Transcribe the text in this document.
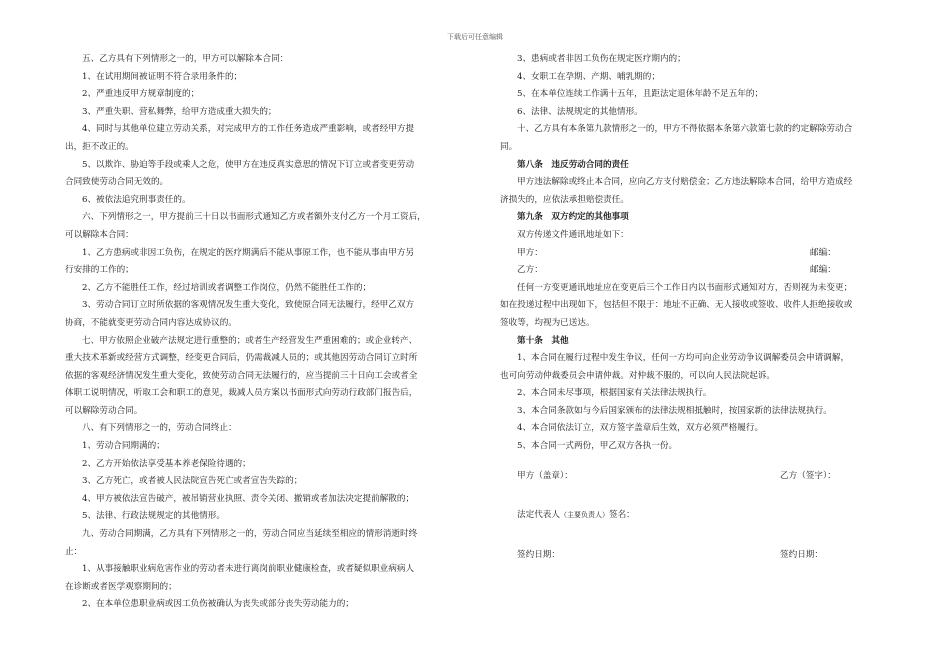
下载后可任意编辑

五、乙方具有下列情形之一的，甲方可以解除本合同：

1、在试用期间被证明不符合录用条件的；

2、严重违反甲方规章制度的；

3、严重失职、营私舞弊，给甲方造成重大损失的；

4、同时与其他单位建立劳动关系，对完成甲方的工作任务造成严重影响，或者经甲方提

出，拒不改正的。

5、以欺诈、胁迫等手段或乘人之危，使甲方在违反真实意思的情况下订立或者变更劳动

合同致使劳动合同无效的。

6、被依法追究刑事责任的。

六、下列情形之一，甲方提前三十日以书面形式通知乙方或者额外支付乙方一个月工资后，

可以解除本合同：

1、乙方患病或非因工负伤，在规定的医疗期满后不能从事原工作，也不能从事由甲方另

行安排的工作的；

2、乙方不能胜任工作，经过培训或者调整工作岗位，仍然不能胜任工作的；

3、劳动合同订立时所依据的客观情况发生重大变化，致使原合同无法履行，经甲乙双方

协商，不能就变更劳动合同内容达成协议的。

七、甲方依照企业破产法规定进行重整的；或者生产经营发生严重困难的；或企业转产、

重大技术革新或经营方式调整，经变更合同后，仍需裁减人员的；或其他因劳动合同订立时所

依据的客观经济情况发生重大变化，致使劳动合同无法履行的，应当提前三十日向工会或者全

体职工说明情况，听取工会和职工的意见，裁减人员方案以书面形式向劳动行政部门报告后，

可以解除劳动合同。

八、有下列情形之一的，劳动合同终止：

1、劳动合同期满的；

2、乙方开始依法享受基本养老保险待遇的；

3、乙方死亡，或者被人民法院宣告死亡或者宣告失踪的；

4、甲方被依法宣告破产，被吊销营业执照、责令关闭、撤销或者加法决定提前解散的；

5、法律、行政法规规定的其他情形。

九、劳动合同期满，乙方具有下列情形之一的，劳动合同应当延续至相应的情形消逝时终

止：

1、从事接触职业病危害作业的劳动者未进行离岗前职业健康检查，或者疑似职业病病人

在诊断或者医学观察期间的；

2、在本单位患职业病或因工负伤被确认为丧失或部分丧失劳动能力的；

3、患病或者非因工负伤在规定医疗期内的；

4、女职工在孕期、产期、哺乳期的；

5、在本单位连续工作满十五年，且距法定退休年龄不足五年的；

6、法律、法规规定的其他情形。

十、乙方具有本条第九款情形之一的，甲方不得依据本条第六款第七款的约定解除劳动合

同。

第八条　违反劳动合同的责任

甲方违法解除或终止本合同，应向乙方支付赔偿金；乙方违法解除本合同，给甲方造成经

济损失的，应依法承担赔偿责任。

第九条　双方约定的其他事项

双方传递文件通讯地址如下：

甲方：	邮编：
乙方：	邮编：

任何一方变更通讯地址应在变更后三个工作日内以书面形式通知对方，否则视为未变更；

如在投递过程中出现如下，包括但不限于：地址不正确、无人接收或签收、收件人拒绝接收或

签收等，均视为已送达。

第十条　其他

1、本合同在履行过程中发生争议，任何一方均可向企业劳动争议调解委员会申请调解，

也可向劳动仲裁委员会申请仲裁。对仲裁不服的，可以向人民法院起诉。

2、本合同未尽事项，根据国家有关法律法规执行。

3、本合同条款如与今后国家颁布的法律法规相抵触时，按国家新的法律法规执行。

4、本合同依法订立，双方签字盖章后生效，双方必须严格履行。

5、本合同一式两份，甲乙双方各执一份。

甲方（盖章）：	乙方（签字）：
法定代表人（主要负责人）签名：
签约日期：	签约日期：
